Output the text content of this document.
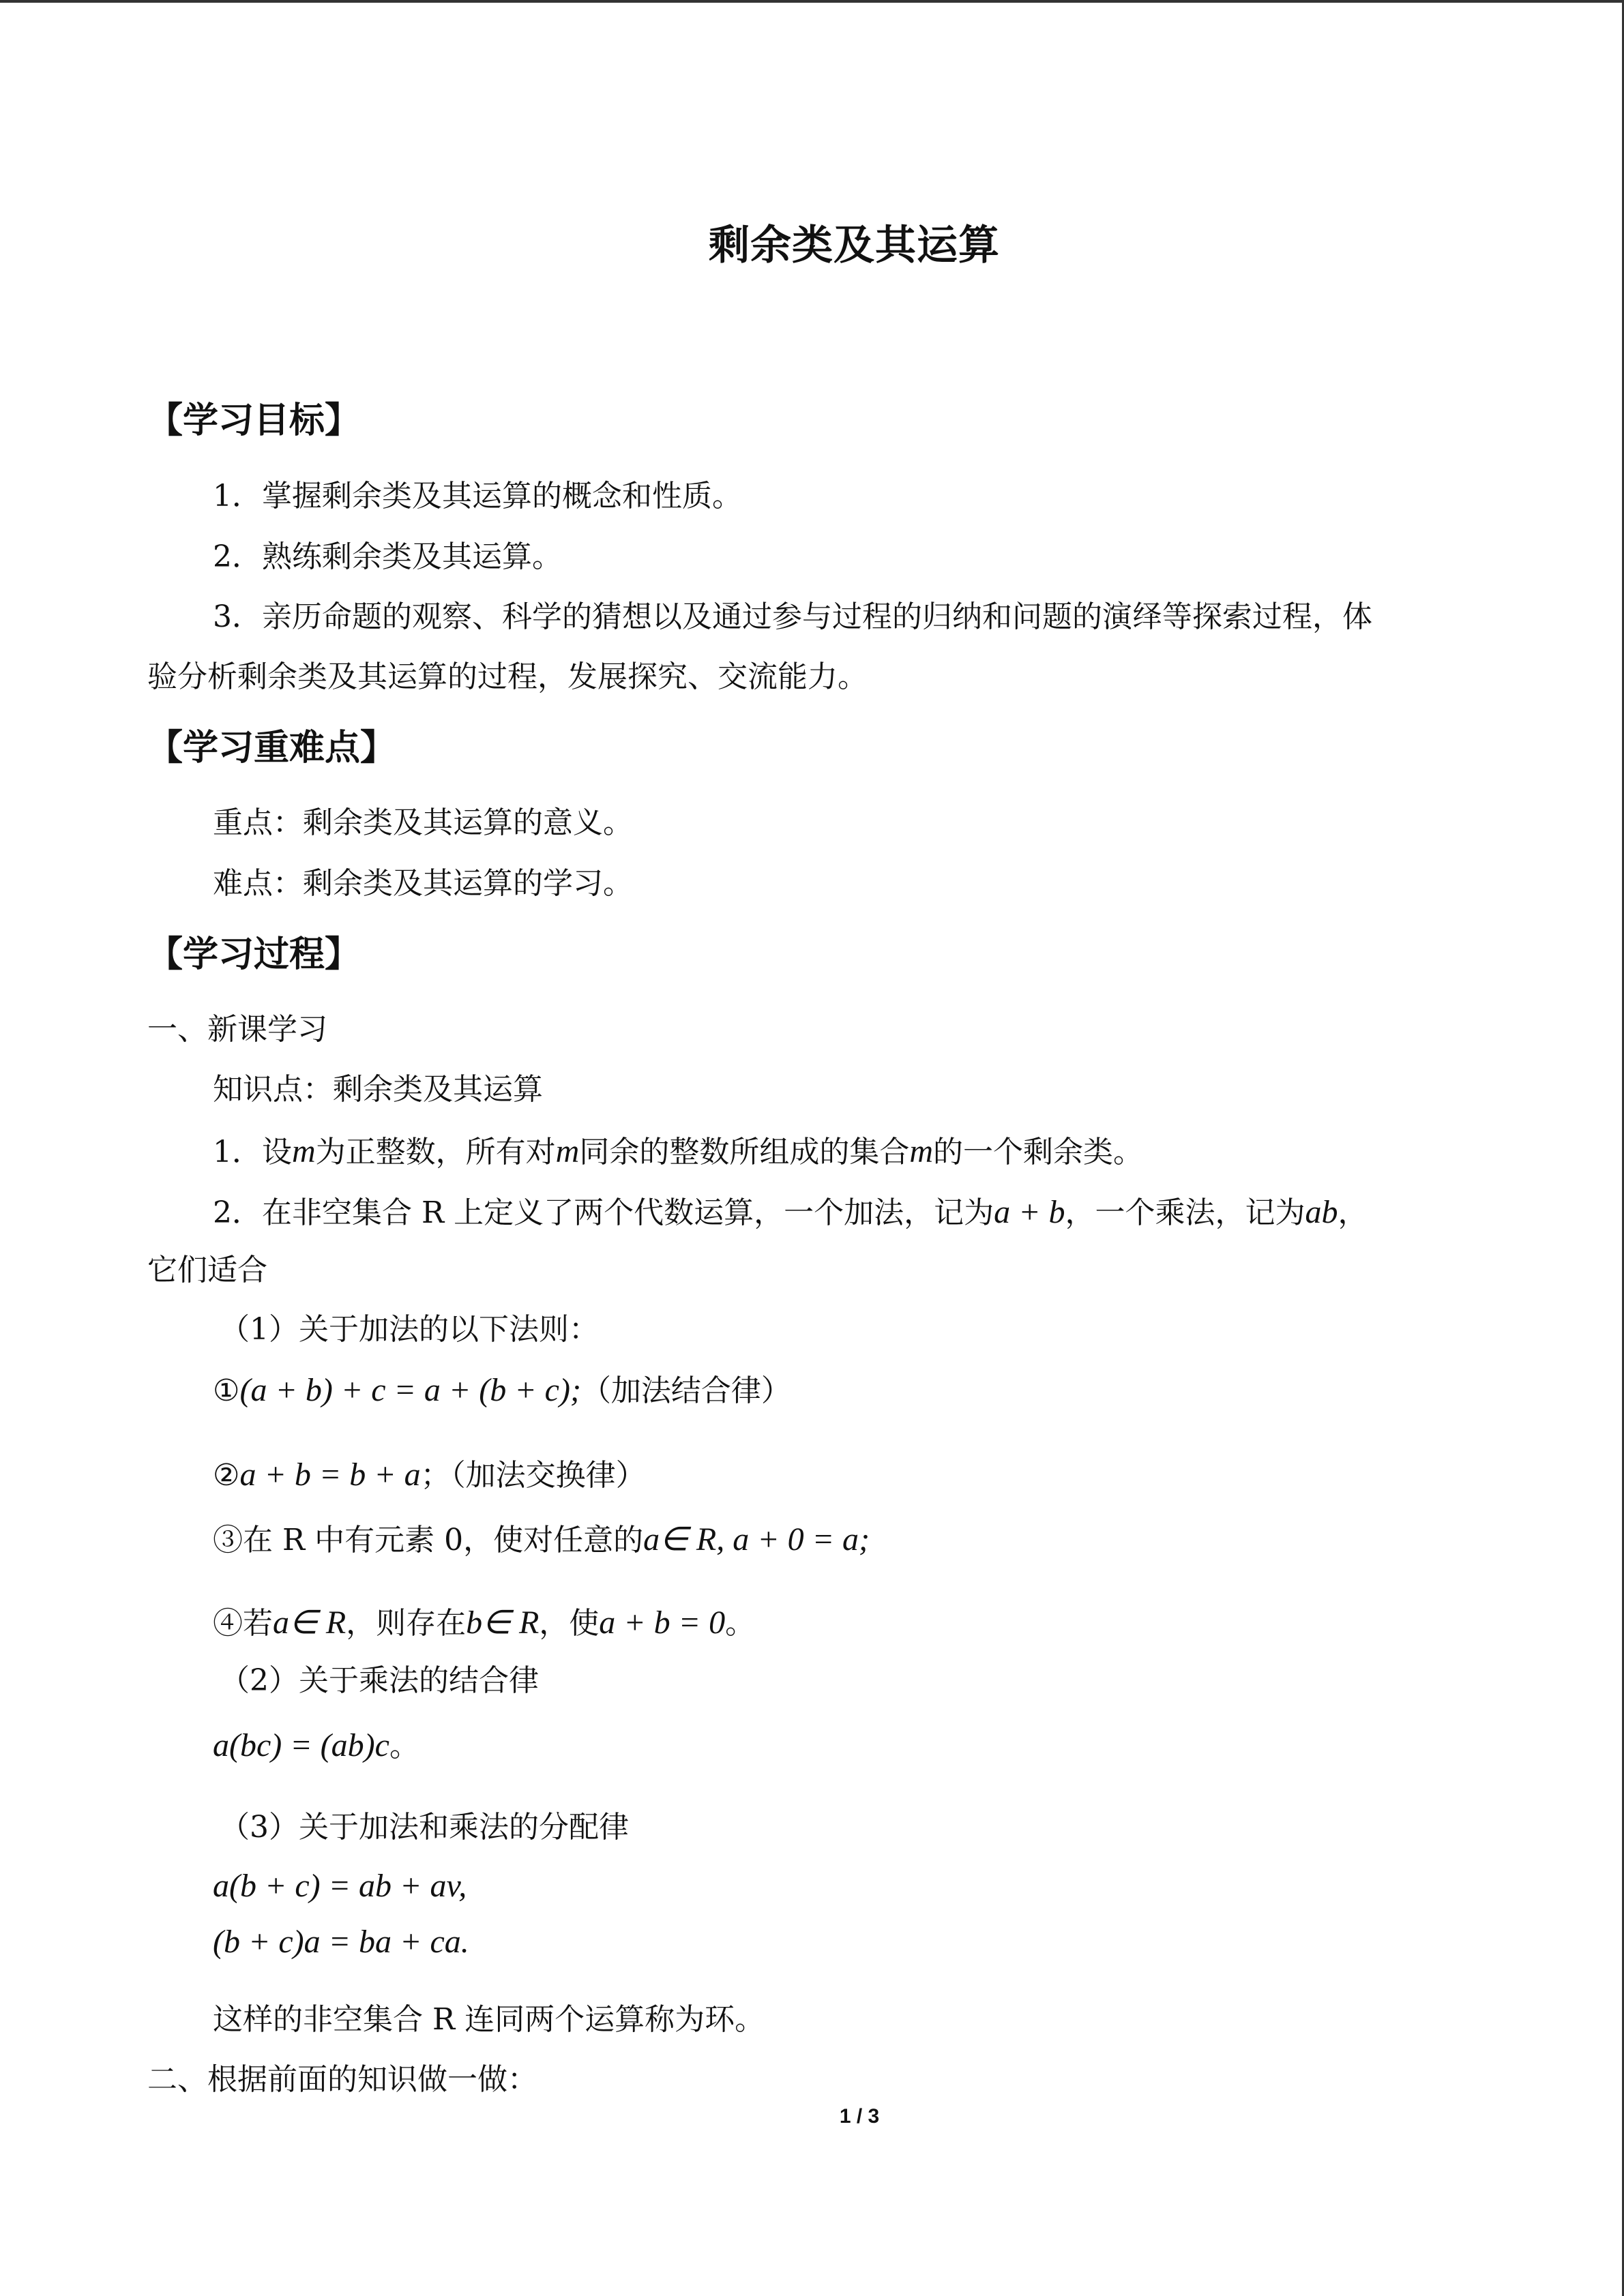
剩余类及其运算
【学习目标】
1．掌握剩余类及其运算的概念和性质。
2．熟练剩余类及其运算。
3．亲历命题的观察、科学的猜想以及通过参与过程的归纳和问题的演绎等探索过程，体
验分析剩余类及其运算的过程，发展探究、交流能力。
【学习重难点】
重点：剩余类及其运算的意义。
难点：剩余类及其运算的学习。
【学习过程】
一、新课学习
知识点：剩余类及其运算
1．设m为正整数，所有对m同余的整数所组成的集合m的一个剩余类。
2．在非空集合 R 上定义了两个代数运算，一个加法，记为a + b，一个乘法，记为ab，
它们适合
（1）关于加法的以下法则：
①(a + b) + c = a + (b + c);（加法结合律）
②a + b = b + a；（加法交换律）
③在 R 中有元素 0，使对任意的a∈ R, a + 0 = a;
④若a∈ R，则存在b∈ R，使a + b = 0。
（2）关于乘法的结合律
a(bc) = (ab)c。
（3）关于加法和乘法的分配律
a(b + c) = ab + av,
(b + c)a = ba + ca.
这样的非空集合 R 连同两个运算称为环。
二、根据前面的知识做一做：
1 / 3
